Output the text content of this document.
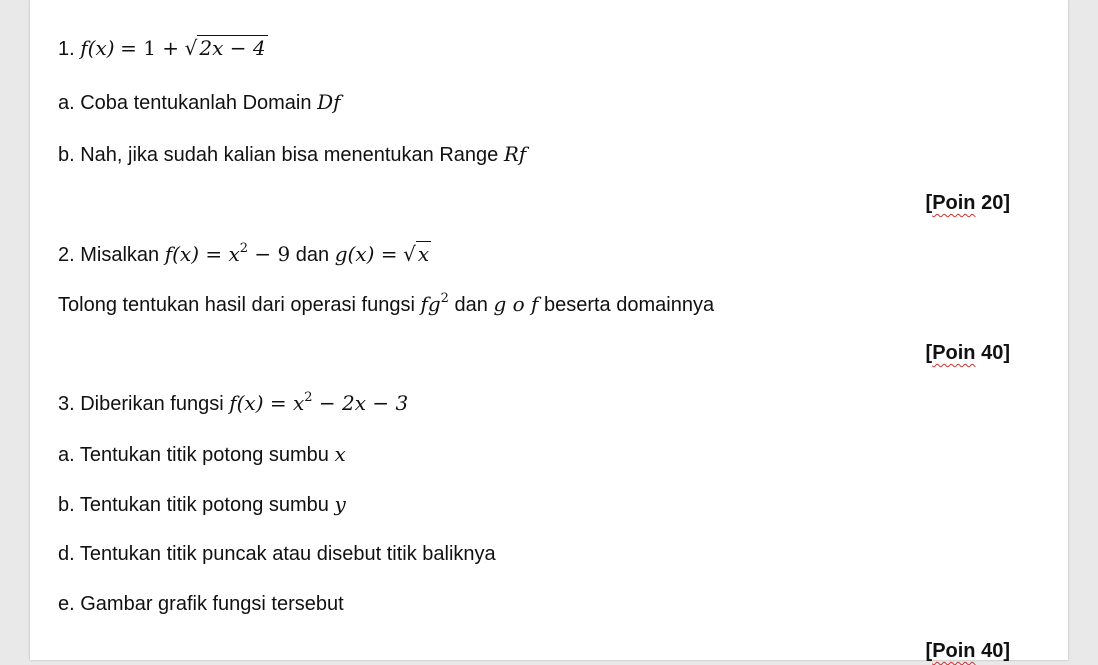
1. f(x) = 1 + √ 2x − 4
a. Coba tentukanlah Domain Df
b. Nah, jika sudah kalian bisa menentukan Range Rf
[Poin 20]
2. Misalkan $f(x) = x^2 - 9$ dan g(x) = √ x
Tolong tentukan hasil dari operasi fungsi $fg^2$ dan g o f beserta domainnya
[Poin 40]
3. Diberikan fungsi $f(x) = x^2 - 2x - 3$
a. Tentukan titik potong sumbu x
b. Tentukan titik potong sumbu y
d. Tentukan titik puncak atau disebut titik baliknya
e. Gambar grafik fungsi tersebut
[Poin 40]
